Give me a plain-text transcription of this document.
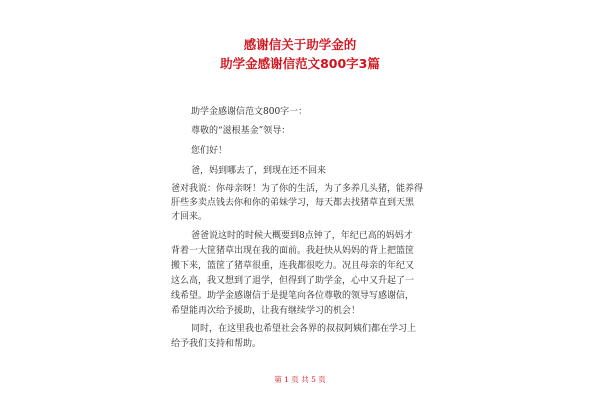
感谢信关于助学金的
助学金感谢信范文800字3篇
助学金感谢信范文800字一：
尊敬的“滋根基金”领导：
您们好！
爸，妈到哪去了，到现在还不回来
爸对我说：你母亲呀！为了你的生活，为了多养几头猪，能养得
肝些多卖点钱去你和你的弟妹学习，每天都去找猪草直到天黑
才回来。
爸爸说这时的时候大概要到8点钟了，年纪已高的妈妈才
背着一大筐猪草出现在我的面前。我赶快从妈妈的背上把篮筐
搬下来，篮筐了猪草很重，连我都很吃力。况且母亲的年纪又
这么高，我又想到了退学，但得到了助学金，心中又升起了一
线希望。助学金感谢信于是提笔向各位尊敬的领导写感谢信，
希望能再次给予援助，让我有继续学习的机会！
同时，在这里我也希望社会各界的叔叔阿姨们都在学习上
给予我们支持和帮助。
第 1 页 共 5 页
